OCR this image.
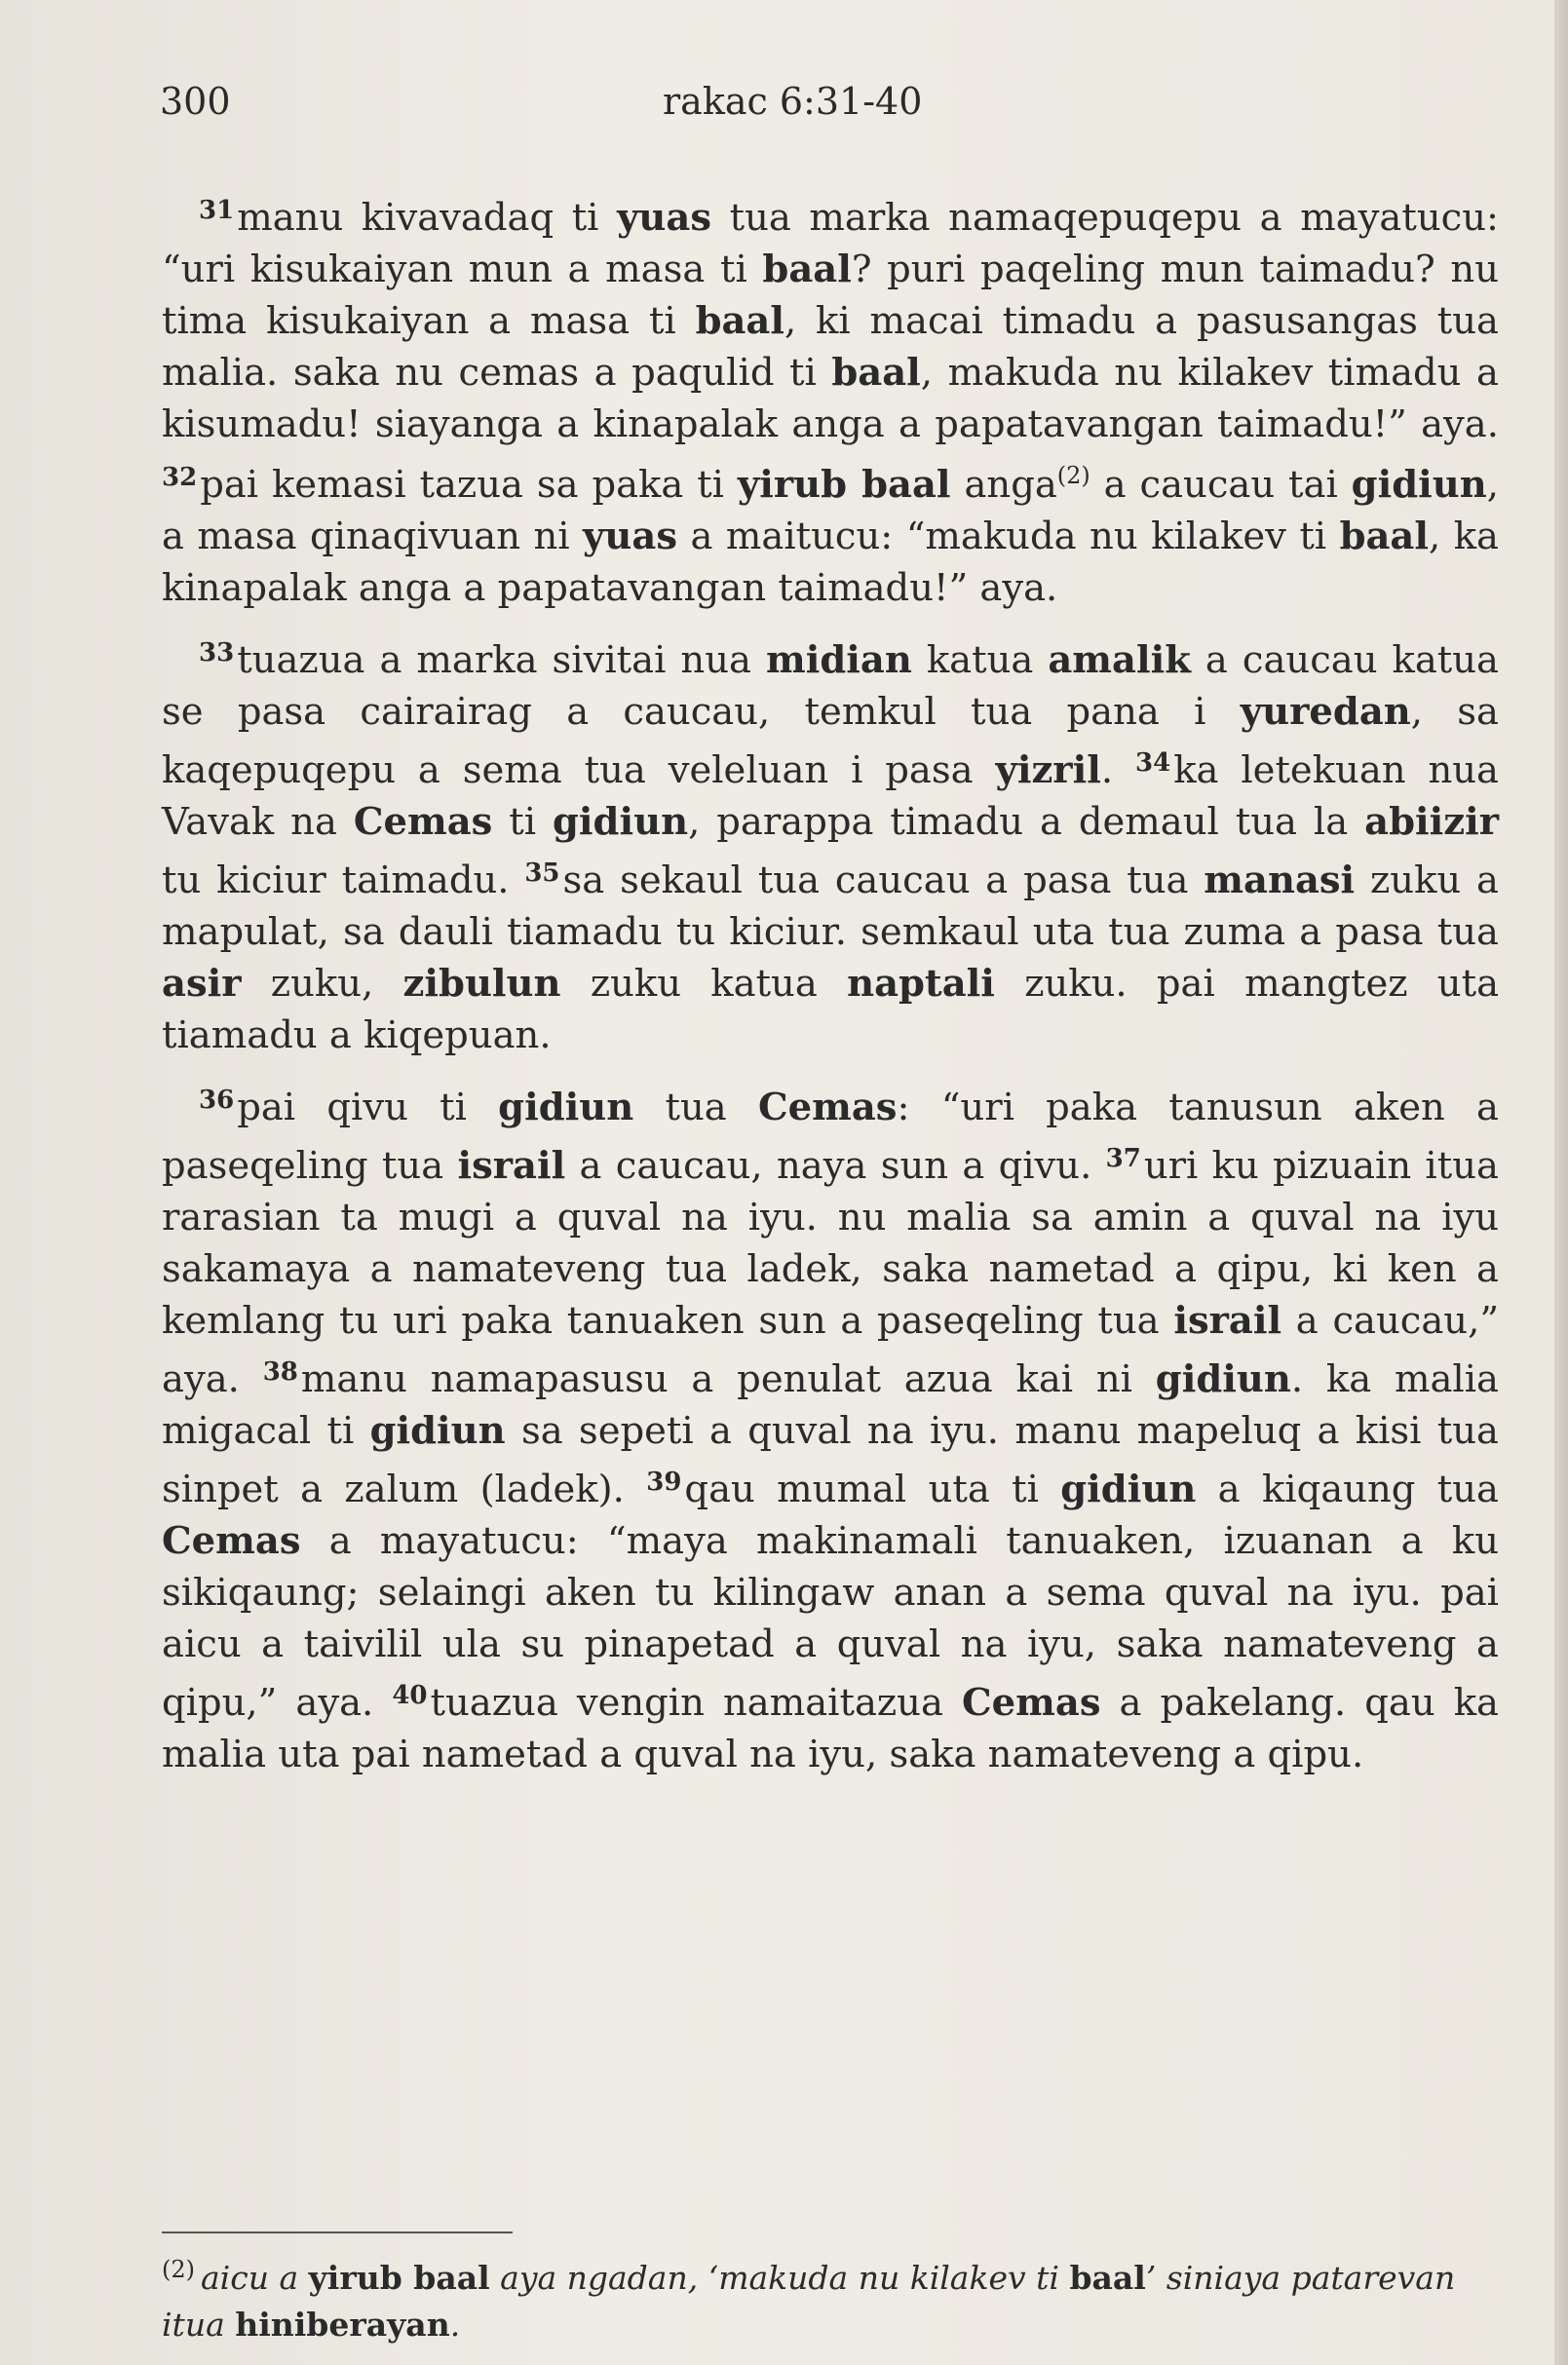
300	rakac 6:31-40

$^{31}$manu kivavadaq ti yuas tua marka namaqepuqepu a mayatucu: “uri kisukaiyan mun a masa ti baal? puri paqeling mun taimadu? nu tima kisukaiyan a masa ti baal, ki macai timadu a pasusangas tua malia. saka nu cemas a paqulid ti baal, makuda nu kilakev timadu a kisumadu! siayanga a kinapalak anga a papatavangan taimadu!” aya. $^{32}$pai kemasi tazua sa paka ti yirub baal anga$^{(2)}$ a caucau tai gidiun, a masa qinaqivuan ni yuas a maitucu: “makuda nu kilakev ti baal, ka kinapalak anga a papatavangan taimadu!” aya.

$^{33}$tuazua a marka sivitai nua midian katua amalik a caucau katua se pasa cairairag a caucau, temkul tua pana i yuredan, sa kaqepuqepu a sema tua veleluan i pasa yizril. $^{34}$ka letekuan nua Vavak na Cemas ti gidiun, parappa timadu a demaul tua la abiizir tu kiciur taimadu. $^{35}$sa sekaul tua caucau a pasa tua manasi zuku a mapulat, sa dauli tiamadu tu kiciur. semkaul uta tua zuma a pasa tua asir zuku, zibulun zuku katua naptali zuku. pai mangtez uta tiamadu a kiqepuan.

$^{36}$pai qivu ti gidiun tua Cemas: “uri paka tanusun aken a paseqeling tua israil a caucau, naya sun a qivu. $^{37}$uri ku pizuain itua rarasian ta mugi a quval na iyu. nu malia sa amin a quval na iyu sakamaya a namateveng tua ladek, saka nametad a qipu, ki ken a kemlang tu uri paka tanuaken sun a paseqeling tua israil a caucau,” aya. $^{38}$manu namapasusu a penulat azua kai ni gidiun. ka malia migacal ti gidiun sa sepeti a quval na iyu. manu mapeluq a kisi tua sinpet a zalum (ladek). $^{39}$qau mumal uta ti gidiun a kiqaung tua Cemas a mayatucu: “maya makinamali tanuaken, izuanan a ku sikiqaung; selaingi aken tu kilingaw anan a sema quval na iyu. pai aicu a taivilil ula su pinapetad a quval na iyu, saka namateveng a qipu,” aya. $^{40}$tuazua vengin namaitazua Cemas a pakelang. qau ka malia uta pai nametad a quval na iyu, saka namateveng a qipu.

$^{(2)}$ aicu a yirub baal aya ngadan, ‘makuda nu kilakev ti baal’ siniaya patarevan itua hiniberayan.
